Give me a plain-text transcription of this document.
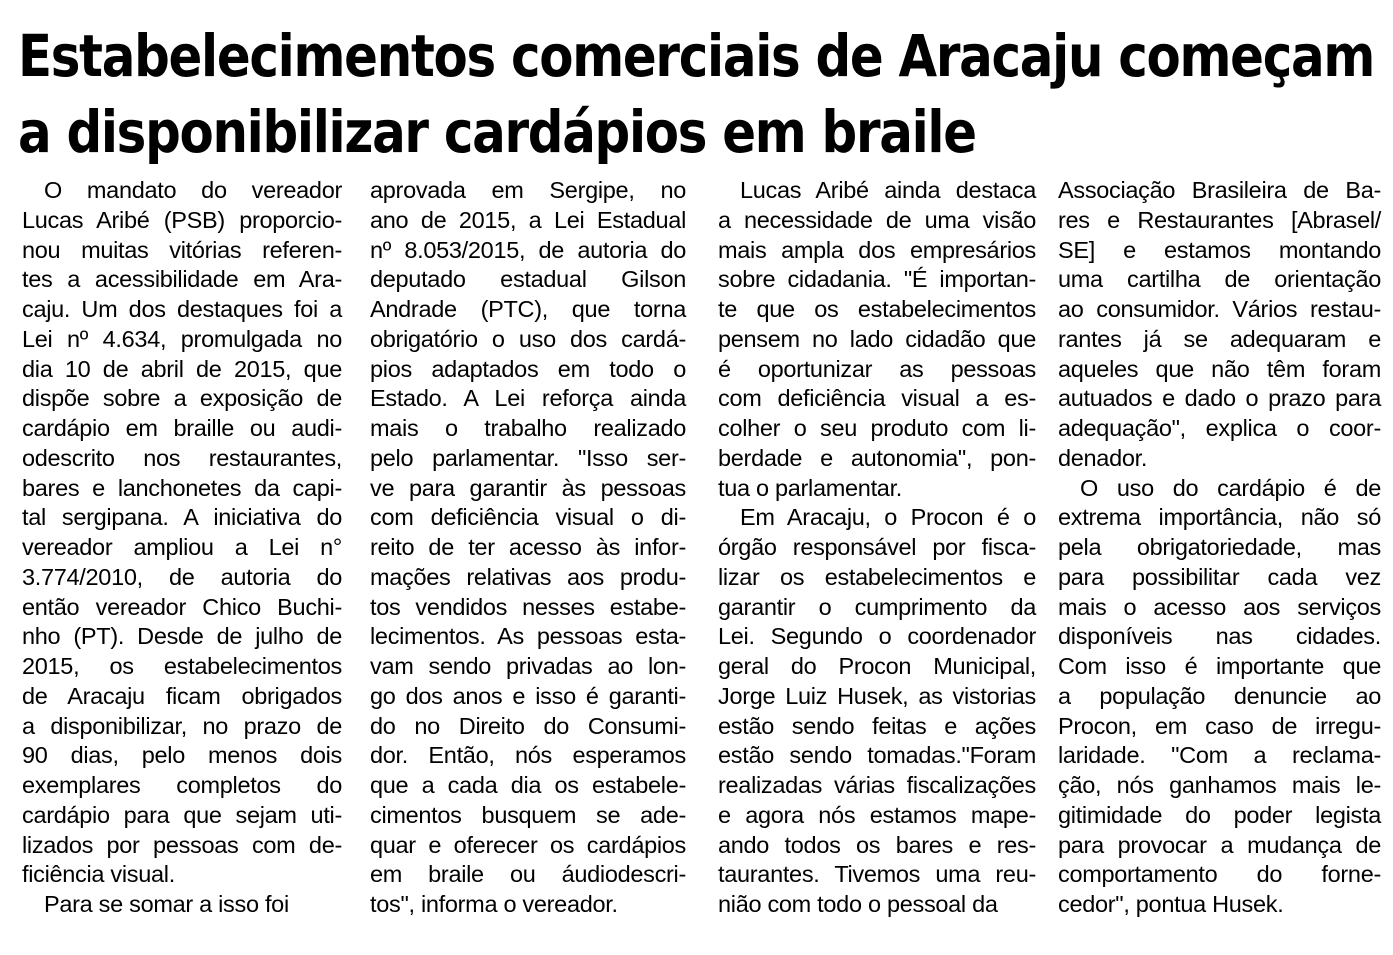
Estabelecimentos comerciais de Aracaju começam
a disponibilizar cardápios em braile
O mandato do vereador
Lucas Aribé (PSB) proporcio-
nou muitas vitórias referen-
tes a acessibilidade em Ara-
caju. Um dos destaques foi a
Lei nº 4.634, promulgada no
dia 10 de abril de 2015, que
dispõe sobre a exposição de
cardápio em braille ou audi-
odescrito nos restaurantes,
bares e lanchonetes da capi-
tal sergipana. A iniciativa do
vereador ampliou a Lei n°
3.774/2010, de autoria do
então vereador Chico Buchi-
nho (PT). Desde de julho de
2015, os estabelecimentos
de Aracaju ficam obrigados
a disponibilizar, no prazo de
90 dias, pelo menos dois
exemplares completos do
cardápio para que sejam uti-
lizados por pessoas com de-
ficiência visual.
Para se somar a isso foi
aprovada em Sergipe, no
ano de 2015, a Lei Estadual
nº 8.053/2015, de autoria do
deputado estadual Gilson
Andrade (PTC), que torna
obrigatório o uso dos cardá-
pios adaptados em todo o
Estado. A Lei reforça ainda
mais o trabalho realizado
pelo parlamentar. "Isso ser-
ve para garantir às pessoas
com deficiência visual o di-
reito de ter acesso às infor-
mações relativas aos produ-
tos vendidos nesses estabe-
lecimentos. As pessoas esta-
vam sendo privadas ao lon-
go dos anos e isso é garanti-
do no Direito do Consumi-
dor. Então, nós esperamos
que a cada dia os estabele-
cimentos busquem se ade-
quar e oferecer os cardápios
em braile ou áudiodescri-
tos", informa o vereador.
Lucas Aribé ainda destaca
a necessidade de uma visão
mais ampla dos empresários
sobre cidadania. "É importan-
te que os estabelecimentos
pensem no lado cidadão que
é oportunizar as pessoas
com deficiência visual a es-
colher o seu produto com li-
berdade e autonomia", pon-
tua o parlamentar.
Em Aracaju, o Procon é o
órgão responsável por fisca-
lizar os estabelecimentos e
garantir o cumprimento da
Lei. Segundo o coordenador
geral do Procon Municipal,
Jorge Luiz Husek, as vistorias
estão sendo feitas e ações
estão sendo tomadas."Foram
realizadas várias fiscalizações
e agora nós estamos mape-
ando todos os bares e res-
taurantes. Tivemos uma reu-
nião com todo o pessoal da
Associação Brasileira de Ba-
res e Restaurantes [Abrasel/
SE] e estamos montando
uma cartilha de orientação
ao consumidor. Vários restau-
rantes já se adequaram e
aqueles que não têm foram
autuados e dado o prazo para
adequação", explica o coor-
denador.
O uso do cardápio é de
extrema importância, não só
pela obrigatoriedade, mas
para possibilitar cada vez
mais o acesso aos serviços
disponíveis nas cidades.
Com isso é importante que
a população denuncie ao
Procon, em caso de irregu-
laridade. "Com a reclama-
ção, nós ganhamos mais le-
gitimidade do poder legista
para provocar a mudança de
comportamento do forne-
cedor", pontua Husek.
